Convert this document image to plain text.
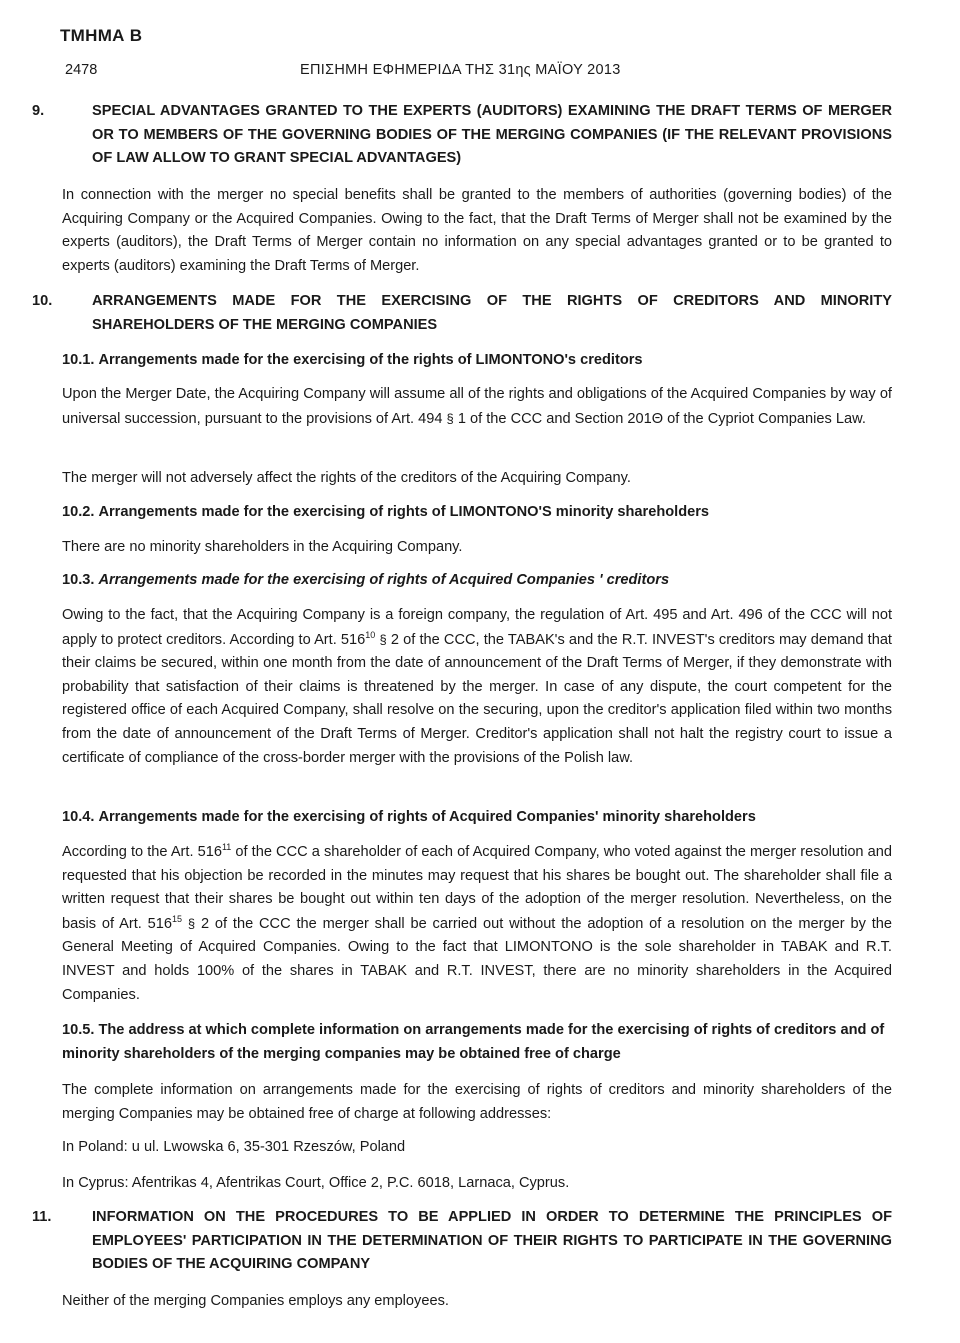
ΤΜΗΜΑ Β
2478	ΕΠΙΣΗΜΗ ΕΦΗΜΕΡΙΔΑ ΤΗΣ 31ης ΜΑΪΟΥ 2013
9.	SPECIAL ADVANTAGES GRANTED TO THE EXPERTS (AUDITORS) EXAMINING THE DRAFT TERMS OF MERGER OR TO MEMBERS OF THE GOVERNING BODIES OF THE MERGING COMPANIES (IF THE RELEVANT PROVISIONS OF LAW ALLOW TO GRANT SPECIAL ADVANTAGES)
In connection with the merger no special benefits shall be granted to the members of authorities (governing bodies) of the Acquiring Company or the Acquired Companies. Owing to the fact, that the Draft Terms of Merger shall not be examined by the experts (auditors), the Draft Terms of Merger contain no information on any special advantages granted or to be granted to experts (auditors) examining the Draft Terms of Merger.
10.	ARRANGEMENTS MADE FOR THE EXERCISING OF THE RIGHTS OF CREDITORS AND MINORITY SHAREHOLDERS OF THE MERGING COMPANIES
10.1. Arrangements made for the exercising of the rights of LIMONTONO's creditors
Upon the Merger Date, the Acquiring Company will assume all of the rights and obligations of the Acquired Companies by way of universal succession, pursuant to the provisions of Art. 494 § 1 of the CCC and Section 201Θ of the Cypriot Companies Law.
The merger will not adversely affect the rights of the creditors of the Acquiring Company.
10.2. Arrangements made for the exercising of rights of LIMONTONO'S minority shareholders
There are no minority shareholders in the Acquiring Company.
10.3. Arrangements made for the exercising of rights of Acquired Companies ' creditors
Owing to the fact, that the Acquiring Company is a foreign company, the regulation of Art. 495 and Art. 496 of the CCC will not apply to protect creditors. According to Art. $516^{10}$ § 2 of the CCC, the TABAK's and the R.T. INVEST's creditors may demand that their claims be secured, within one month from the date of announcement of the Draft Terms of Merger, if they demonstrate with probability that satisfaction of their claims is threatened by the merger. In case of any dispute, the court competent for the registered office of each Acquired Company, shall resolve on the securing, upon the creditor's application filed within two months from the date of announcement of the Draft Terms of Merger. Creditor's application shall not halt the registry court to issue a certificate of compliance of the cross-border merger with the provisions of the Polish law.
10.4. Arrangements made for the exercising of rights of Acquired Companies' minority shareholders
According to the Art. $516^{11}$ of the CCC a shareholder of each of Acquired Company, who voted against the merger resolution and requested that his objection be recorded in the minutes may request that his shares be bought out. The shareholder shall file a written request that their shares be bought out within ten days of the adoption of the merger resolution. Nevertheless, on the basis of Art. $516^{15}$ § 2 of the CCC the merger shall be carried out without the adoption of a resolution on the merger by the General Meeting of Acquired Companies. Owing to the fact that LIMONTONO is the sole shareholder in TABAK and R.T. INVEST and holds 100% of the shares in TABAK and R.T. INVEST, there are no minority shareholders in the Acquired Companies.
10.5. The address at which complete information on arrangements made for the exercising of rights of creditors and of minority shareholders of the merging companies may be obtained free of charge
The complete information on arrangements made for the exercising of rights of creditors and minority shareholders of the merging Companies may be obtained free of charge at following addresses:
In Poland: u ul. Lwowska 6, 35-301 Rzeszów, Poland
In Cyprus: Afentrikas 4, Afentrikas Court, Office 2, P.C. 6018, Larnaca, Cyprus.
11.	INFORMATION ON THE PROCEDURES TO BE APPLIED IN ORDER TO DETERMINE THE PRINCIPLES OF EMPLOYEES' PARTICIPATION IN THE DETERMINATION OF THEIR RIGHTS TO PARTICIPATE IN THE GOVERNING BODIES OF THE ACQUIRING COMPANY
Neither of the merging Companies employs any employees.
